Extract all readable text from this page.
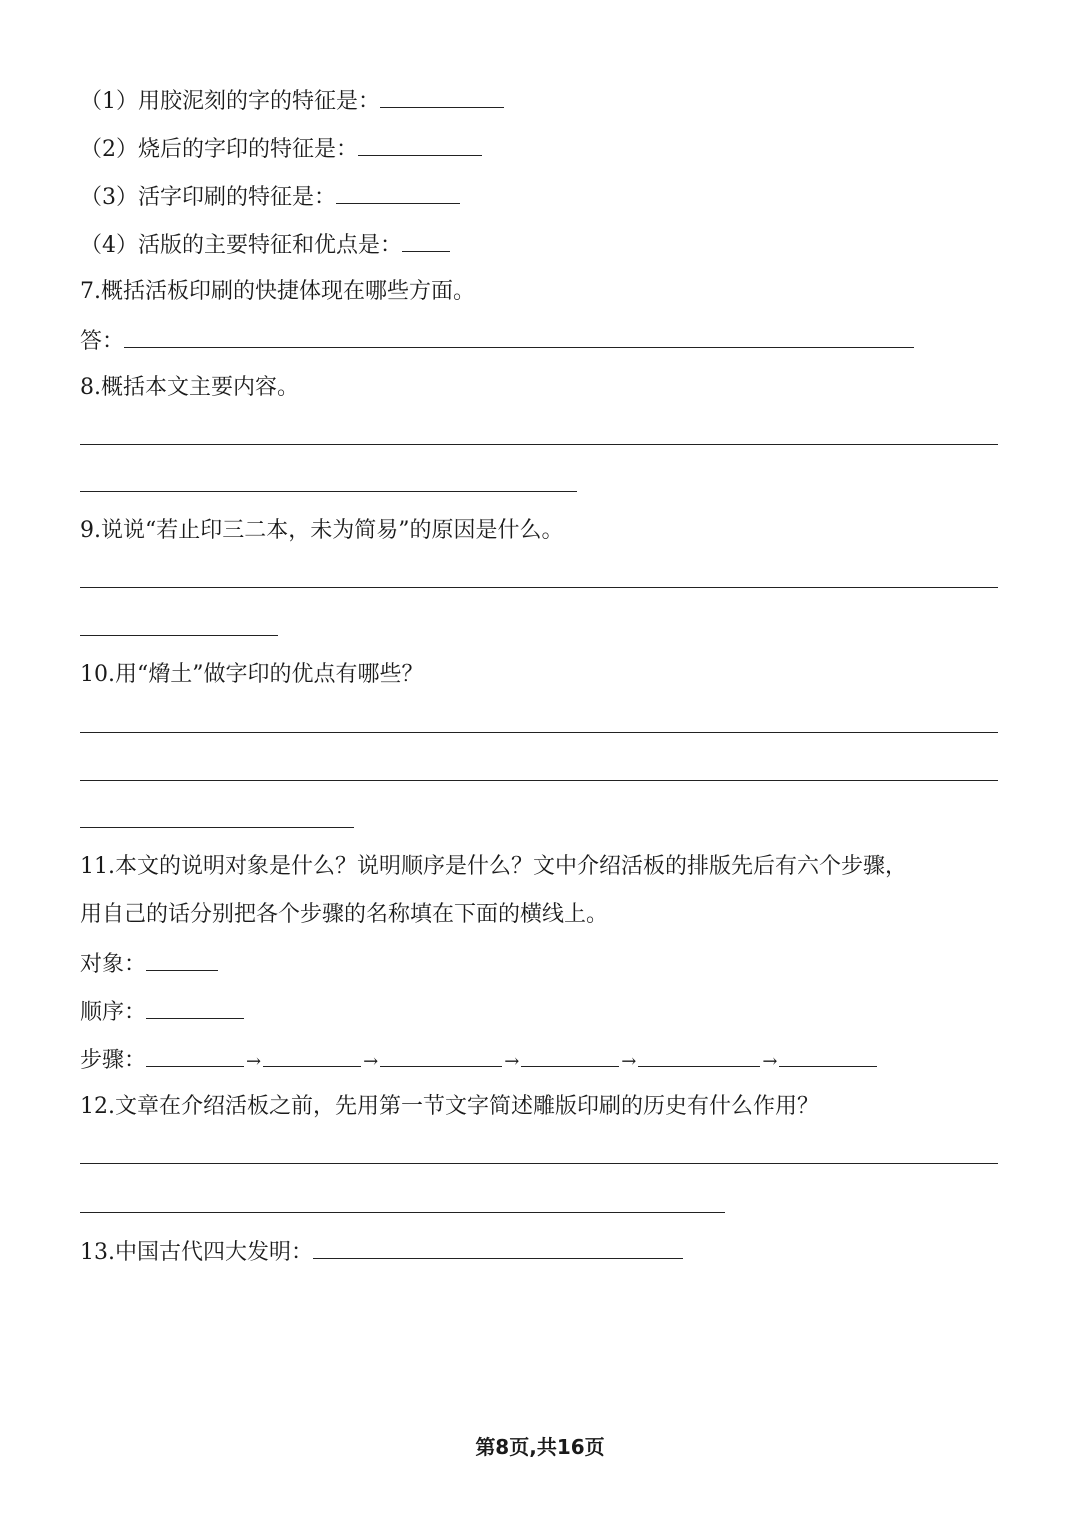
（1）用胶泥刻的字的特征是：
（2）烧后的字印的特征是：
（3）活字印刷的特征是：
（4）活版的主要特征和优点是：
7.概括活板印刷的快捷体现在哪些方面。
答：
8.概括本文主要内容。
9.说说“若止印三二本，未为简易”的原因是什么。
10.用“熁土”做字印的优点有哪些？
11.本文的说明对象是什么？说明顺序是什么？文中介绍活板的排版先后有六个步骤，
用自己的话分别把各个步骤的名称填在下面的横线上。
对象：
顺序：
步骤：	→	→	→	→	→
12.文章在介绍活板之前，先用第一节文字简述雕版印刷的历史有什么作用？
13.中国古代四大发明：
第8页,共16页
